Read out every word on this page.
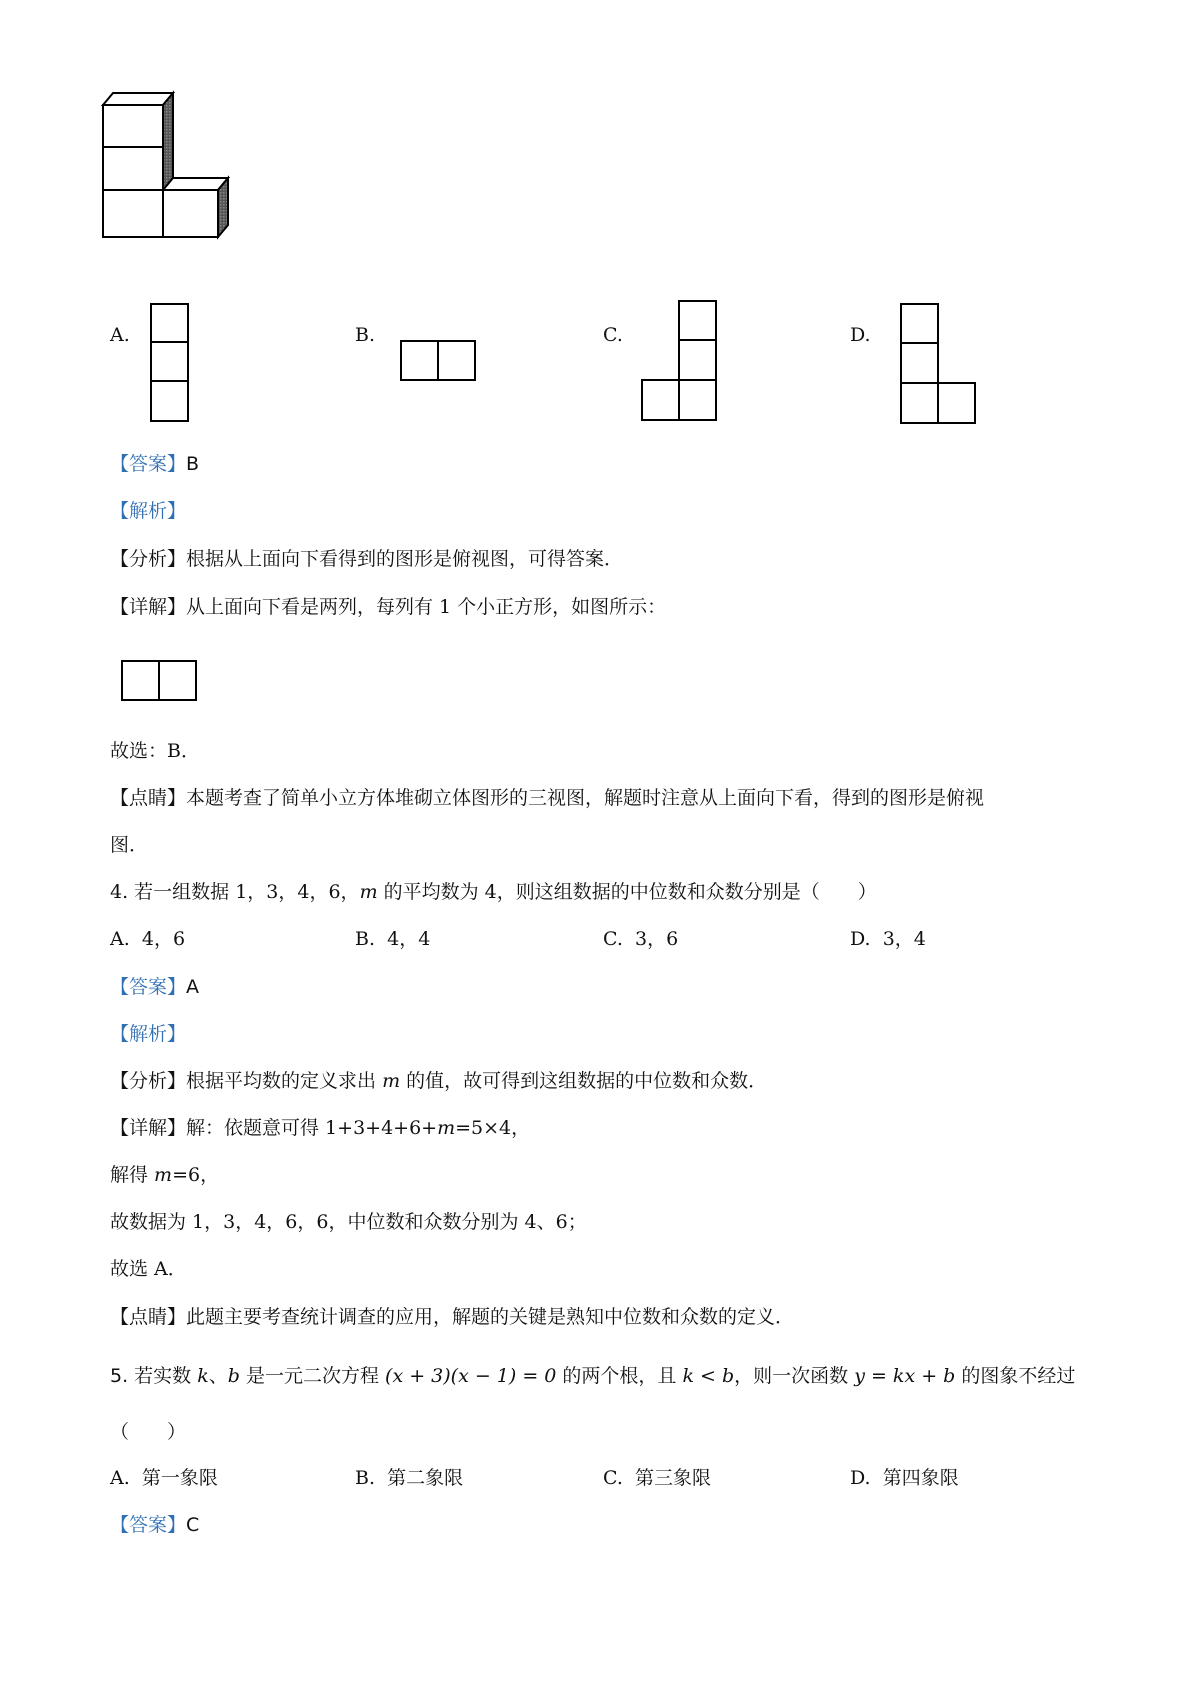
A.	B.	C.	D.
【答案】B
【解析】
【分析】根据从上面向下看得到的图形是俯视图，可得答案．
【详解】从上面向下看是两列，每列有 1 个小正方形，如图所示：
故选：B．
【点睛】本题考查了简单小立方体堆砌立体图形的三视图，解题时注意从上面向下看，得到的图形是俯视
图．
4. 若一组数据 1，3，4，6，m 的平均数为 4，则这组数据的中位数和众数分别是（　　）
A. 4，6	B. 4，4	C. 3，6	D. 3，4
【答案】A
【解析】
【分析】根据平均数的定义求出 m 的值，故可得到这组数据的中位数和众数．
【详解】解：依题意可得 1+3+4+6+m=5×4，
解得 m=6，
故数据为 1，3，4，6，6，中位数和众数分别为 4、6；
故选 A．
【点睛】此题主要考查统计调查的应用，解题的关键是熟知中位数和众数的定义．
5. 若实数 k、b 是一元二次方程 (x + 3)(x − 1) = 0 的两个根，且 k < b，则一次函数 y = kx + b 的图象不经过
（　　）
A. 第一象限	B. 第二象限	C. 第三象限	D. 第四象限
【答案】C
